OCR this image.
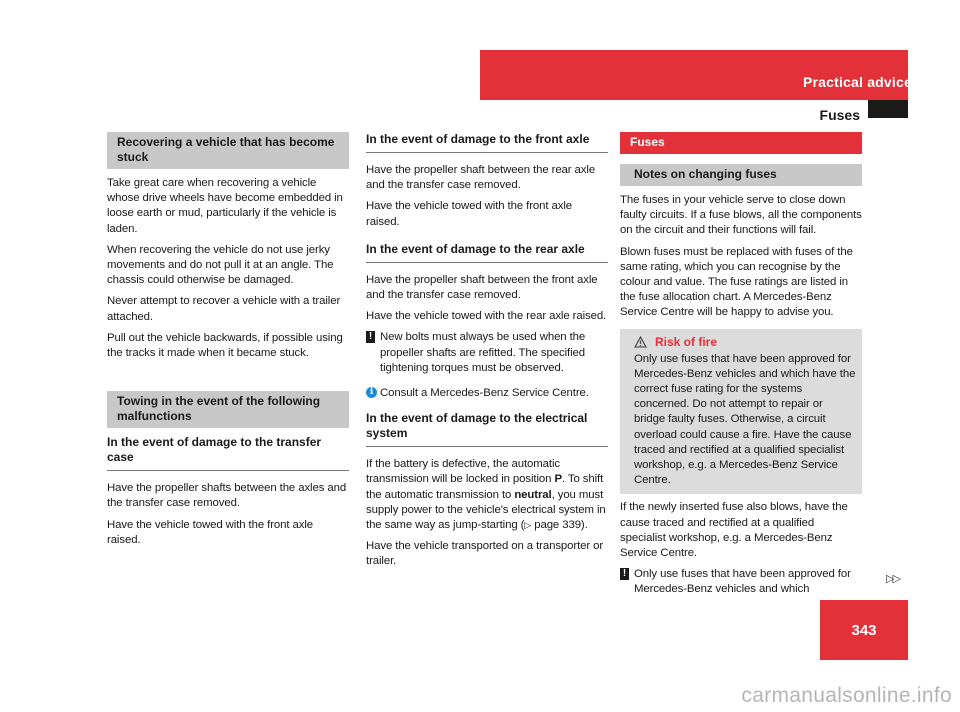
Practical advice
Fuses
Recovering a vehicle that has become stuck

Take great care when recovering a vehicle whose drive wheels have become embedded in loose earth or mud, particularly if the vehicle is laden.

When recovering the vehicle do not use jerky movements and do not pull it at an angle. The chassis could otherwise be damaged.

Never attempt to recover a vehicle with a trailer attached.

Pull out the vehicle backwards, if possible using the tracks it made when it became stuck.

Towing in the event of the following malfunctions
In the event of damage to the transfer case

Have the propeller shafts between the axles and the transfer case removed.

Have the vehicle towed with the front axle raised.

In the event of damage to the front axle

Have the propeller shaft between the rear axle and the transfer case removed.

Have the vehicle towed with the front axle raised.

In the event of damage to the rear axle

Have the propeller shaft between the front axle and the transfer case removed.

Have the vehicle towed with the rear axle raised.

! New bolts must always be used when the propeller shafts are refitted. The specified tightening torques must be observed.

i Consult a Mercedes-Benz Service Centre.

In the event of damage to the electrical system

If the battery is defective, the automatic transmission will be locked in position P. To shift the automatic transmission to neutral, you must supply power to the vehicle's electrical system in the same way as jump-starting (▷ page 339).

Have the vehicle transported on a transporter or trailer.

Fuses
Notes on changing fuses

The fuses in your vehicle serve to close down faulty circuits. If a fuse blows, all the components on the circuit and their functions will fail.

Blown fuses must be replaced with fuses of the same rating, which you can recognise by the colour and value. The fuse ratings are listed in the fuse allocation chart. A Mercedes-Benz Service Centre will be happy to advise you.

Risk of fire

Only use fuses that have been approved for Mercedes-Benz vehicles and which have the correct fuse rating for the systems concerned. Do not attempt to repair or bridge faulty fuses. Otherwise, a circuit overload could cause a fire. Have the cause traced and rectified at a qualified specialist workshop, e.g. a Mercedes-Benz Service Centre.

If the newly inserted fuse also blows, have the cause traced and rectified at a qualified specialist workshop, e.g. a Mercedes-Benz Service Centre.

! Only use fuses that have been approved for Mercedes-Benz vehicles and which

▷▷
343
carmanualsonline.info
